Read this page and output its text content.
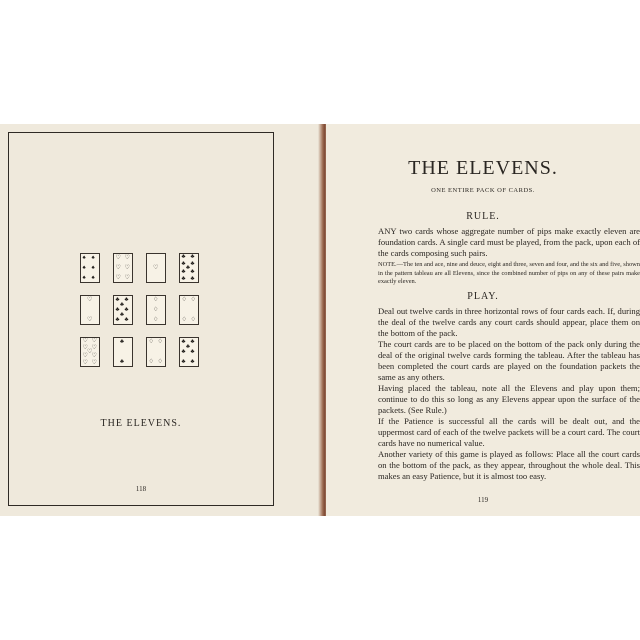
♠ ♠
♠ ♠
♠ ♠
♡ ♡
♡ ♡
♡ ♡
♡
♣ ♣
♣ ♣
♣
♣ ♣
♣ ♣
♡
♡
♣ ♣
♣
♣ ♣
♣
♣ ♣
♢
♢
♢
♢ ♢
♢ ♢
♡ ♡
♡ ♡
♡
♡ ♡
♡ ♡
♣
♣
♢ ♢
♢ ♢
♣ ♣
♣
♣ ♣
♣ ♣
THE ELEVENS.
118
THE ELEVENS.
ONE ENTIRE PACK OF CARDS.
RULE.
ANY two cards whose aggregate number of pips make exactly eleven are foundation cards. A single card must be played, from the pack, upon each of the cards composing such pairs.
NOTE.—The ten and ace, nine and deuce, eight and three, seven and four, and the six and five, shown in the pattern tableau are all Elevens, since the combined number of pips on any of these pairs make exactly eleven.
PLAY.
Deal out twelve cards in three horizontal rows of four cards each. If, during the deal of the twelve cards any court cards should appear, place them on the bottom of the pack.
The court cards are to be placed on the bottom of the pack only during the deal of the original twelve cards forming the tableau. After the tableau has been completed the court cards are played on the foundation packets the same as any others.
Having placed the tableau, note all the Elevens and play upon them; continue to do this so long as any Elevens appear upon the surface of the packets. (See Rule.)
If the Patience is successful all the cards will be dealt out, and the uppermost card of each of the twelve packets will be a court card. The court cards have no numerical value.
Another variety of this game is played as follows: Place all the court cards on the bottom of the pack, as they appear, throughout the whole deal. This makes an easy Patience, but it is almost too easy.
119
